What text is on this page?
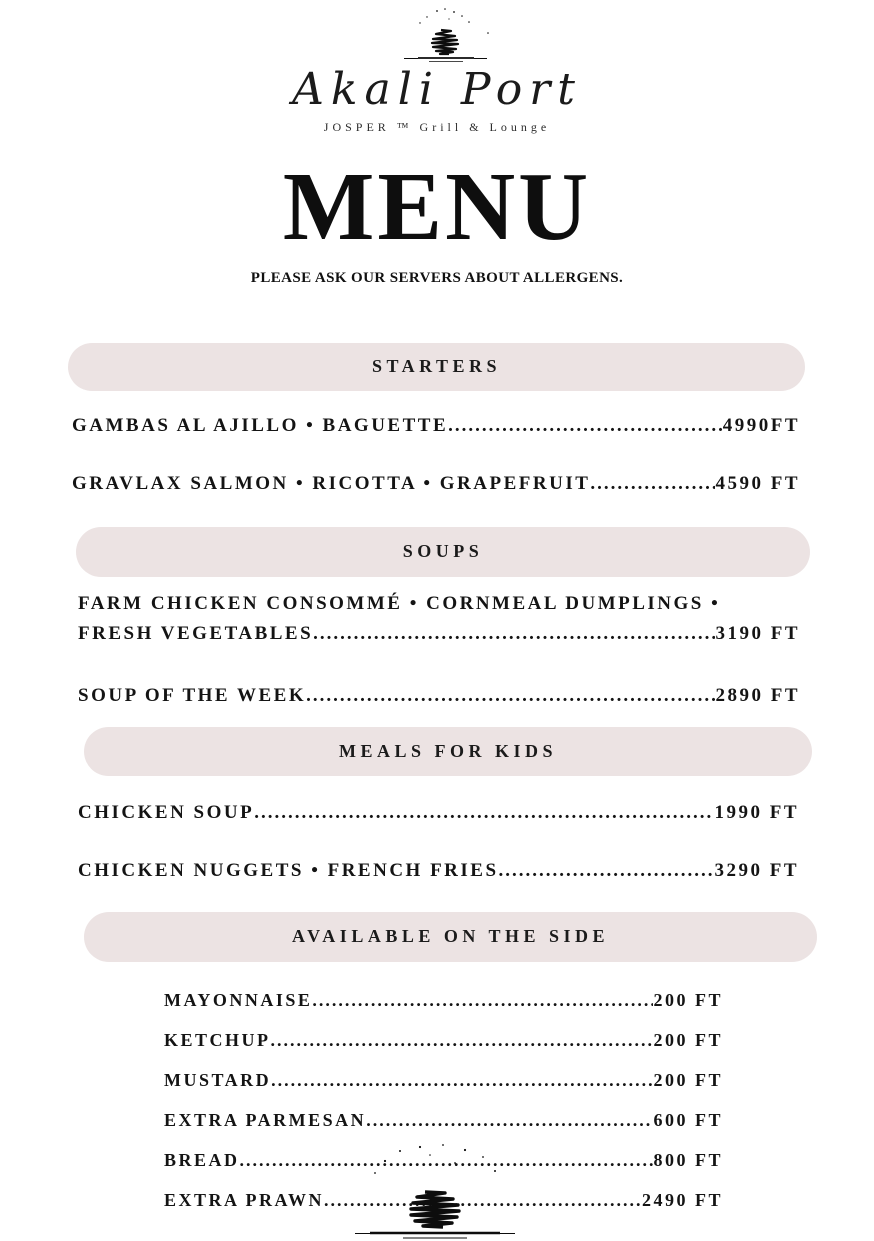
Akali Port
JOSPER ™ Grill & Lounge
MENU

PLEASE ASK OUR SERVERS ABOUT ALLERGENS.

STARTERS
GAMBAS AL AJILLO • BAGUETTE .....	4990FT
GRAVLAX SALMON • RICOTTA • GRAPEFRUIT .....	4590 FT
SOUPS
FARM CHICKEN CONSOMMÉ • CORNMEAL DUMPLINGS •
FRESH VEGETABLES .....	3190 FT
SOUP OF THE WEEK .....	2890 FT
MEALS FOR KIDS
CHICKEN SOUP .....	1990 FT
CHICKEN NUGGETS • FRENCH FRIES .....	3290 FT
AVAILABLE ON THE SIDE
MAYONNAISE .....	200 FT
KETCHUP .....	200 FT
MUSTARD .....	200 FT
EXTRA PARMESAN .....	600 FT
BREAD .....	800 FT
EXTRA PRAWN .....	2490 FT
